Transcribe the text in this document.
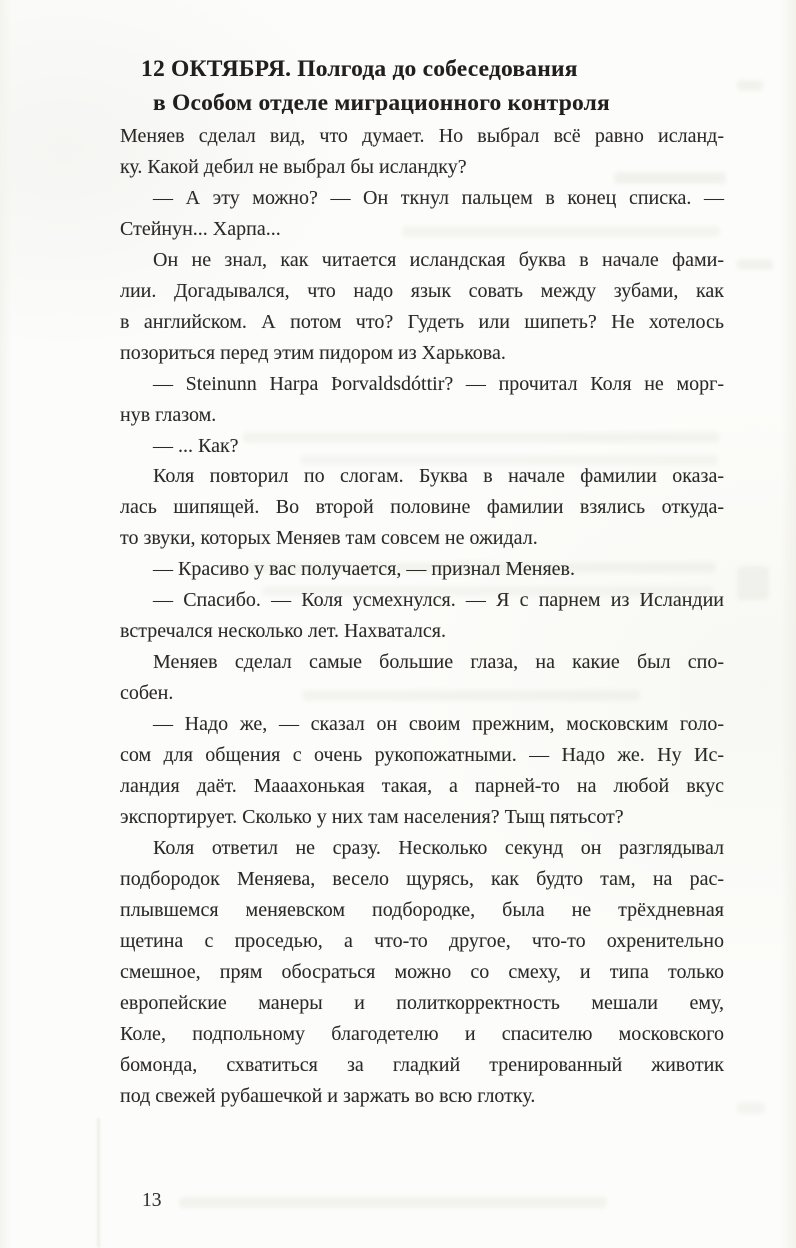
12 ОКТЯБРЯ. Полгода до собеседования
в Особом отделе миграционного контроля
Меняев сделал вид, что думает. Но выбрал всё равно исланд-
ку. Какой дебил не выбрал бы исландку?
— А эту можно? — Он ткнул пальцем в конец списка. —
Стейнун... Харпа...
Он не знал, как читается исландская буква в начале фами-
лии. Догадывался, что надо язык совать между зубами, как
в английском. А потом что? Гудеть или шипеть? Не хотелось
позориться перед этим пидором из Харькова.
— Steinunn Harpa Þorvaldsdóttir? — прочитал Коля не морг-
нув глазом.
— ... Как?
Коля повторил по слогам. Буква в начале фамилии оказа-
лась шипящей. Во второй половине фамилии взялись откуда-
то звуки, которых Меняев там совсем не ожидал.
— Красиво у вас получается, — признал Меняев.
— Спасибо. — Коля усмехнулся. — Я с парнем из Исландии
встречался несколько лет. Нахватался.
Меняев сделал самые большие глаза, на какие был спо-
собен.
— Надо же, — сказал он своим прежним, московским голо-
сом для общения с очень рукопожатными. — Надо же. Ну Ис-
ландия даёт. Мааахонькая такая, а парней-то на любой вкус
экспортирует. Сколько у них там населения? Тыщ пятьсот?
Коля ответил не сразу. Несколько секунд он разглядывал
подбородок Меняева, весело щурясь, как будто там, на рас-
плывшемся меняевском подбородке, была не трёхдневная
щетина с проседью, а что-то другое, что-то охренительно
смешное, прям обосраться можно со смеху, и типа только
европейские манеры и политкорректность мешали ему,
Коле, подпольному благодетелю и спасителю московского
бомонда, схватиться за гладкий тренированный животик
под свежей рубашечкой и заржать во всю глотку.
13
